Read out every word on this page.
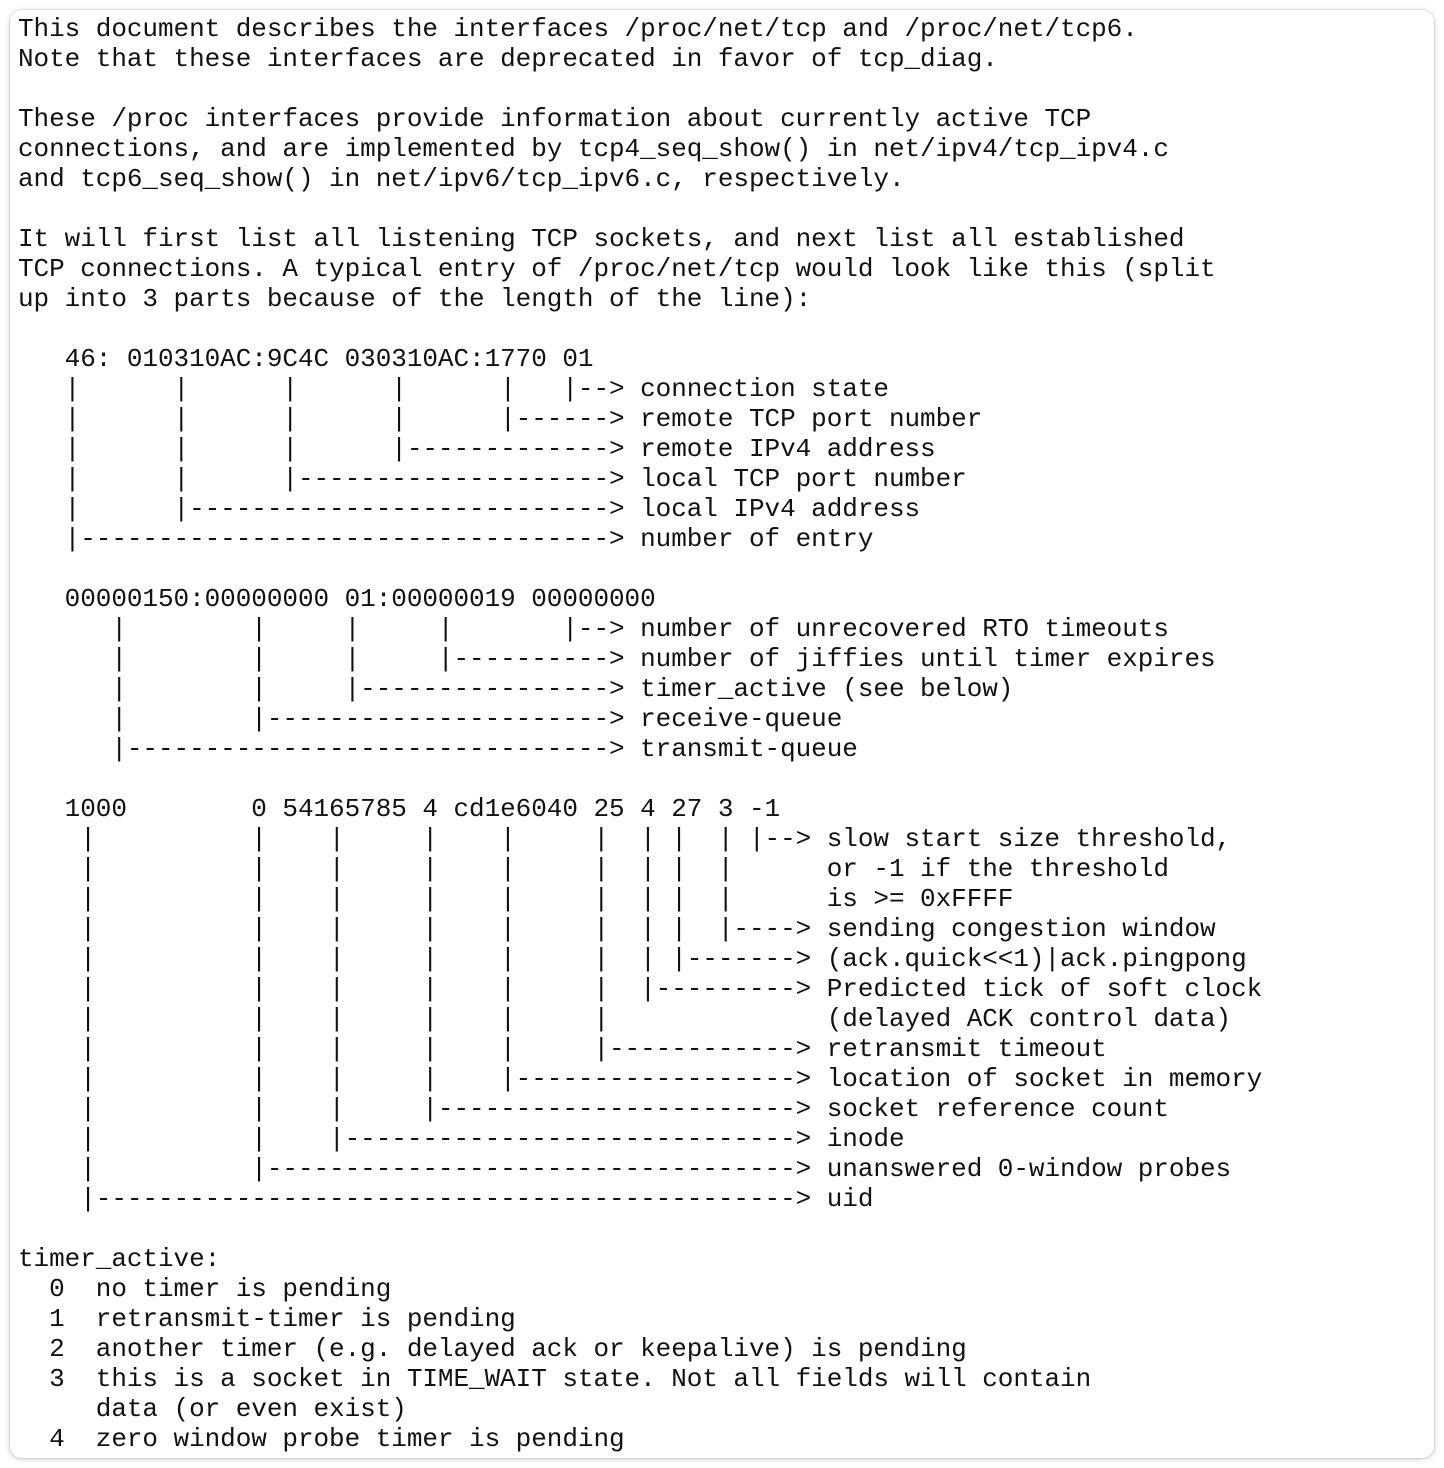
This document describes the interfaces /proc/net/tcp and /proc/net/tcp6.
Note that these interfaces are deprecated in favor of tcp_diag.
These /proc interfaces provide information about currently active TCP
connections, and are implemented by tcp4_seq_show() in net/ipv4/tcp_ipv4.c
and tcp6_seq_show() in net/ipv6/tcp_ipv6.c, respectively.
It will first list all listening TCP sockets, and next list all established
TCP connections. A typical entry of /proc/net/tcp would look like this (split
up into 3 parts because of the length of the line):
46: 010310AC:9C4C 030310AC:1770 01
|      |      |      |      |   |--> connection state
|      |      |      |      |------> remote TCP port number
|      |      |      |-------------> remote IPv4 address
|      |      |--------------------> local TCP port number
|      |---------------------------> local IPv4 address
|----------------------------------> number of entry
00000150:00000000 01:00000019 00000000
|        |     |     |       |--> number of unrecovered RTO timeouts
|        |     |     |----------> number of jiffies until timer expires
|        |     |----------------> timer_active (see below)
|        |----------------------> receive-queue
|-------------------------------> transmit-queue
1000        0 54165785 4 cd1e6040 25 4 27 3 -1
|          |    |     |    |     |  | |  | |--> slow start size threshold,
|          |    |     |    |     |  | |  |      or -1 if the threshold
|          |    |     |    |     |  | |  |      is >= 0xFFFF
|          |    |     |    |     |  | |  |----> sending congestion window
|          |    |     |    |     |  | |-------> (ack.quick<<1)|ack.pingpong
|          |    |     |    |     |  |---------> Predicted tick of soft clock
|          |    |     |    |     |              (delayed ACK control data)
|          |    |     |    |     |------------> retransmit timeout
|          |    |     |    |------------------> location of socket in memory
|          |    |     |-----------------------> socket reference count
|          |    |-----------------------------> inode
|          |----------------------------------> unanswered 0-window probes
|---------------------------------------------> uid
timer_active:
0  no timer is pending
1  retransmit-timer is pending
2  another timer (e.g. delayed ack or keepalive) is pending
3  this is a socket in TIME_WAIT state. Not all fields will contain
data (or even exist)
4  zero window probe timer is pending
